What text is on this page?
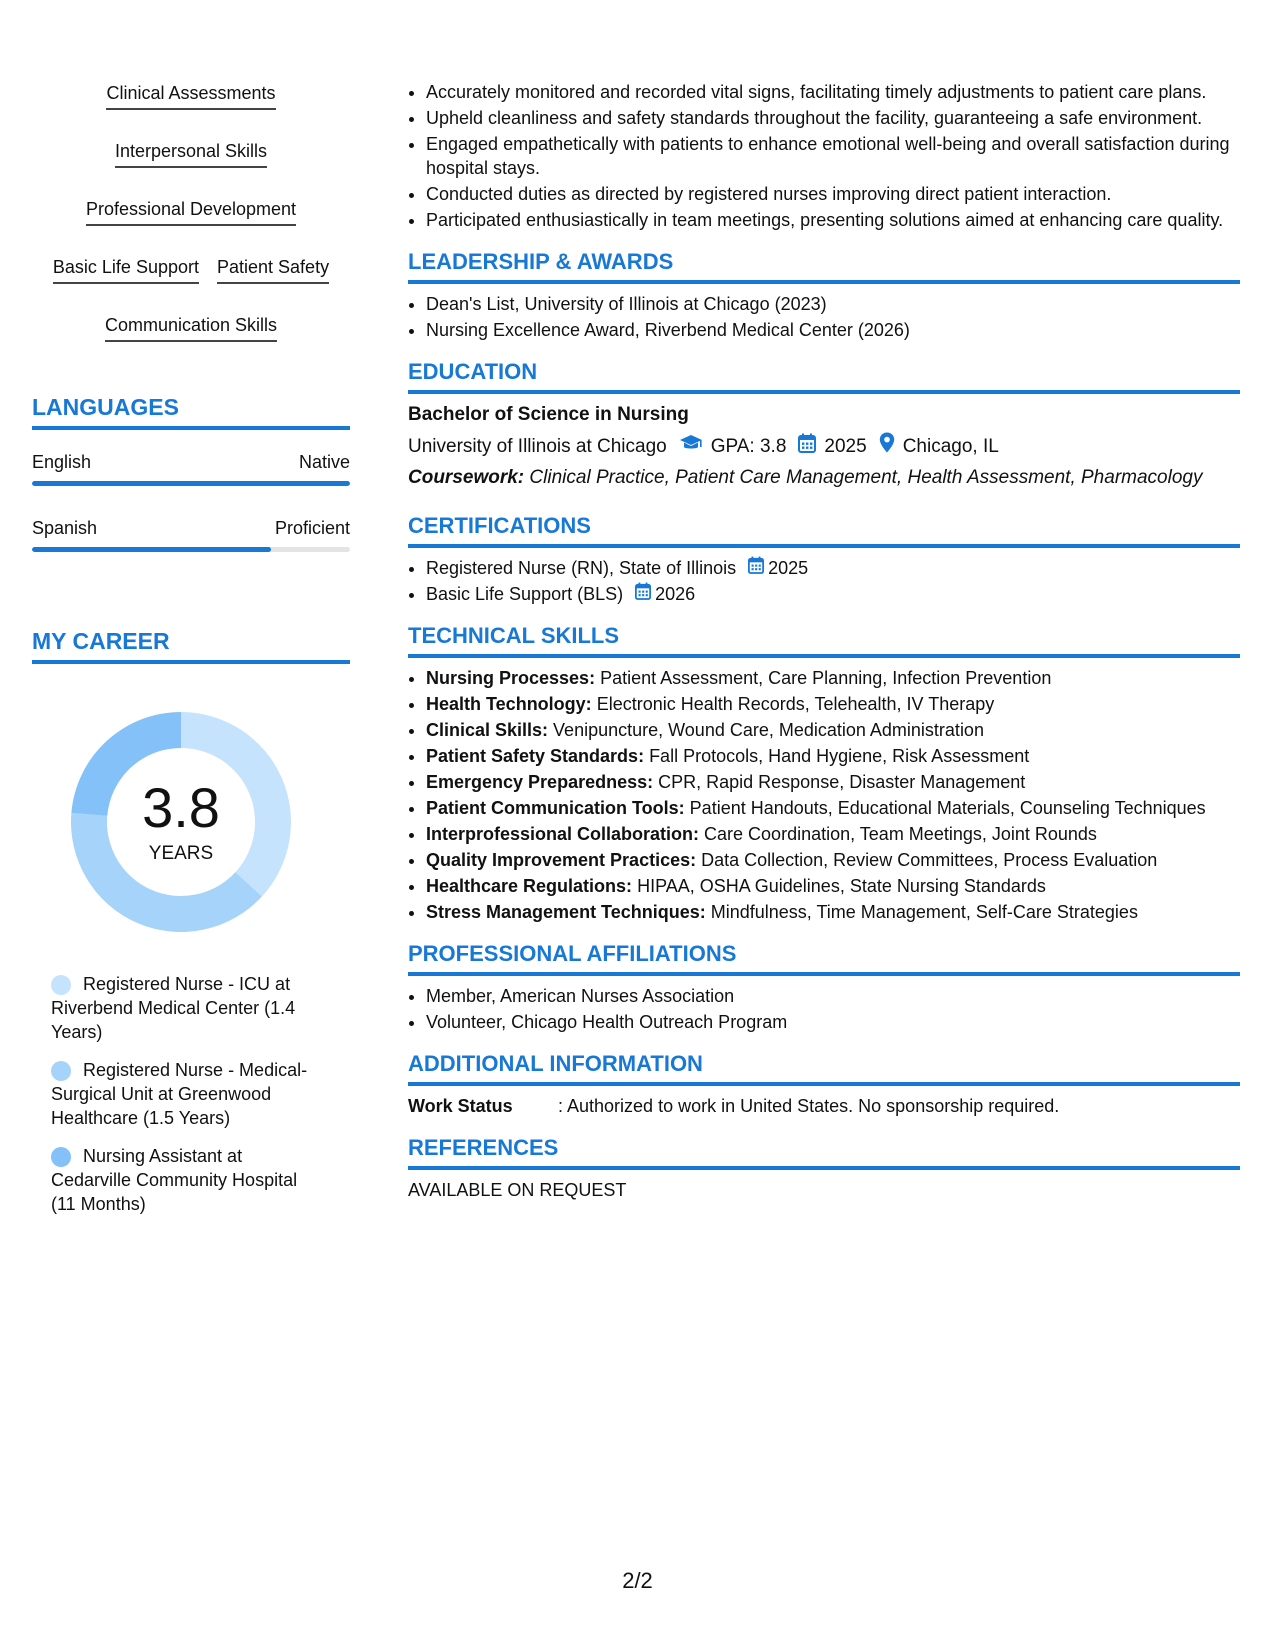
Clinical Assessments
Interpersonal Skills
Professional Development
Basic Life Support Patient Safety
Communication Skills
LANGUAGES
English	Native
Spanish	Proficient
MY CAREER
3.8
YEARS
Registered Nurse - ICU at Riverbend Medical Center (1.4 Years)
Registered Nurse - Medical-Surgical Unit at Greenwood Healthcare (1.5 Years)
Nursing Assistant at Cedarville Community Hospital (11 Months)
• Accurately monitored and recorded vital signs, facilitating timely adjustments to patient care plans.
• Upheld cleanliness and safety standards throughout the facility, guaranteeing a safe environment.
• Engaged empathetically with patients to enhance emotional well-being and overall satisfaction during hospital stays.
• Conducted duties as directed by registered nurses improving direct patient interaction.
• Participated enthusiastically in team meetings, presenting solutions aimed at enhancing care quality.
LEADERSHIP & AWARDS
• Dean's List, University of Illinois at Chicago (2023)
• Nursing Excellence Award, Riverbend Medical Center (2026)
EDUCATION
Bachelor of Science in Nursing
University of Illinois at Chicago GPA: 3.8 2025 Chicago, IL
Coursework: Clinical Practice, Patient Care Management, Health Assessment, Pharmacology
CERTIFICATIONS
• Registered Nurse (RN), State of Illinois 2025
• Basic Life Support (BLS) 2026
TECHNICAL SKILLS
• Nursing Processes: Patient Assessment, Care Planning, Infection Prevention
• Health Technology: Electronic Health Records, Telehealth, IV Therapy
• Clinical Skills: Venipuncture, Wound Care, Medication Administration
• Patient Safety Standards: Fall Protocols, Hand Hygiene, Risk Assessment
• Emergency Preparedness: CPR, Rapid Response, Disaster Management
• Patient Communication Tools: Patient Handouts, Educational Materials, Counseling Techniques
• Interprofessional Collaboration: Care Coordination, Team Meetings, Joint Rounds
• Quality Improvement Practices: Data Collection, Review Committees, Process Evaluation
• Healthcare Regulations: HIPAA, OSHA Guidelines, State Nursing Standards
• Stress Management Techniques: Mindfulness, Time Management, Self-Care Strategies
PROFESSIONAL AFFILIATIONS
• Member, American Nurses Association
• Volunteer, Chicago Health Outreach Program
ADDITIONAL INFORMATION
Work Status	: Authorized to work in United States. No sponsorship required.
REFERENCES
AVAILABLE ON REQUEST
2/2
